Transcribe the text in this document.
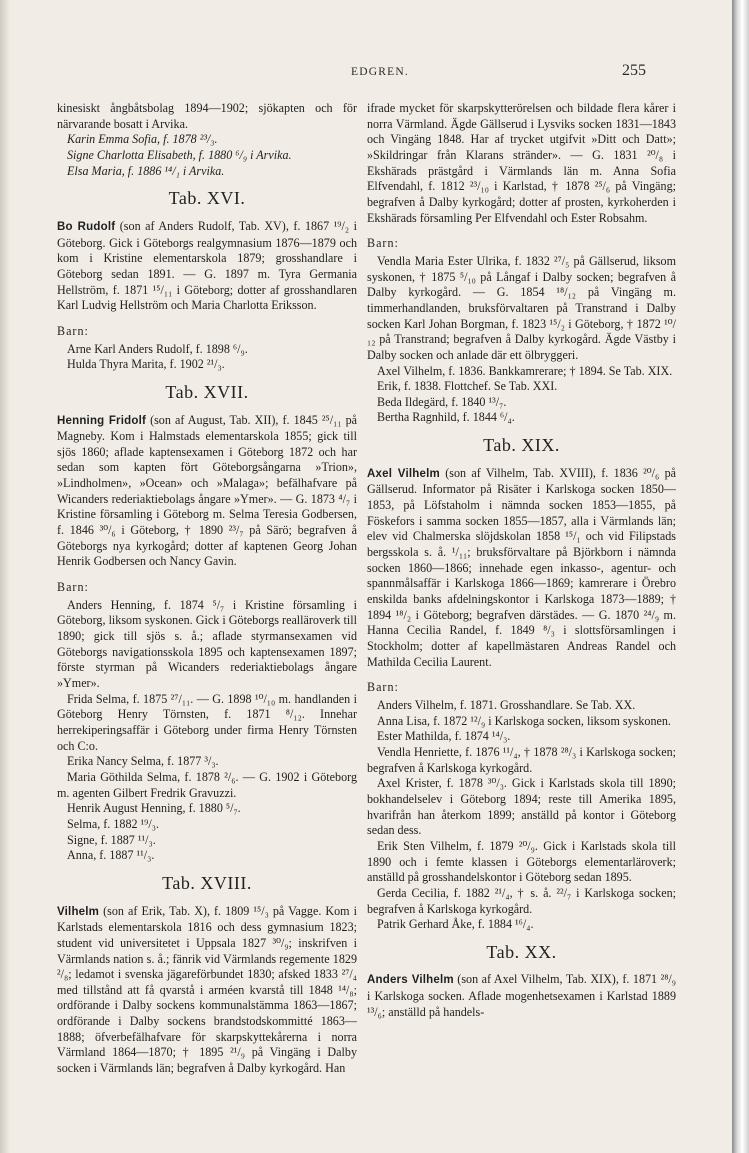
EDGREN.	255

kinesiskt ångbåtsbolag 1894—1902; sjökapten och för närvarande bosatt i Arvika.

Karin Emma Sofia, f. 1878 ²³/₃.

Signe Charlotta Elisabeth, f. 1880 ⁶/₉ i Arvika.

Elsa Maria, f. 1886 ¹⁴/₁ i Arvika.

Tab. XVI.

Bo Rudolf (son af Anders Rudolf, Tab. XV), f. 1867 ¹⁹/₂ i Göteborg. Gick i Göteborgs realgymnasium 1876—1879 och kom i Kristine elementarskola 1879; grosshandlare i Göteborg sedan 1891. — G. 1897 m. Tyra Germania Hellström, f. 1871 ¹⁵/₁₁ i Göteborg; dotter af grosshandlaren Karl Ludvig Hellström och Maria Charlotta Eriksson.

Barn:

Arne Karl Anders Rudolf, f. 1898 ⁶/₉.

Hulda Thyra Marita, f. 1902 ²¹/₃.

Tab. XVII.

Henning Fridolf (son af August, Tab. XII), f. 1845 ²⁵/₁₁ på Magneby. Kom i Halmstads elementarskola 1855; gick till sjös 1860; aflade kaptensexamen i Göteborg 1872 och har sedan som kapten fört Göteborgsångarna »Trion», »Lindholmen», »Ocean» och »Malaga»; befälhafvare på Wicanders rederiaktiebolags ångare »Ymer». — G. 1873 ⁴/₇ i Kristine församling i Göteborg m. Selma Teresia Godbersen, f. 1846 ³⁰/₆ i Göteborg, † 1890 ²³/₇ på Särö; begrafven å Göteborgs nya kyrkogård; dotter af kaptenen Georg Johan Henrik Godbersen och Nancy Gavin.

Barn:

Anders Henning, f. 1874 ⁵/₇ i Kristine församling i Göteborg, liksom syskonen. Gick i Göteborgs realläroverk till 1890; gick till sjös s. å.; aflade styrmansexamen vid Göteborgs navigationsskola 1895 och kaptensexamen 1897; förste styrman på Wicanders rederiaktiebolags ångare »Ymer».

Frida Selma, f. 1875 ²⁷/₁₁. — G. 1898 ¹⁰/₁₀ m. handlanden i Göteborg Henry Törnsten, f. 1871 ⁸/₁₂. Innehar herrekiperingsaffär i Göteborg under firma Henry Törnsten och C:o.

Erika Nancy Selma, f. 1877 ³/₃.

Maria Göthilda Selma, f. 1878 ²/₆. — G. 1902 i Göteborg m. agenten Gilbert Fredrik Gravuzzi.

Henrik August Henning, f. 1880 ⁵/₇.

Selma, f. 1882 ¹⁹/₃.

Signe, f. 1887 ¹¹/₃.

Anna, f. 1887 ¹¹/₃.

Tab. XVIII.

Vilhelm (son af Erik, Tab. X), f. 1809 ¹⁵/₃ på Vagge. Kom i Karlstads elementarskola 1816 och dess gymnasium 1823; student vid universitetet i Uppsala 1827 ³⁰/₉; inskrifven i Värmlands nation s. å.; fänrik vid Värmlands regemente 1829 ²/₈; ledamot i svenska jägareförbundet 1830; afsked 1833 ²⁷/₄ med tillstånd att få qvarstå i arméen kvarstå till 1848 ¹⁴/₈; ordförande i Dalby sockens kommunalstämma 1863—1867; ordförande i Dalby sockens brandstodskommitté 1863—1888; öfverbefälhafvare för skarpskyttekårerna i norra Värmland 1864—1870; † 1895 ²¹/₉ på Vingäng i Dalby socken i Värmlands län; begrafven å Dalby kyrkogård. Han

ifrade mycket för skarpskytterörelsen och bildade flera kårer i norra Värmland. Ägde Gällserud i Lysviks socken 1831—1843 och Vingäng 1848. Har af trycket utgifvit »Ditt och Datt»; »Skildringar från Klarans stränder». — G. 1831 ²⁰/₈ i Ekshärads prästgård i Värmlands län m. Anna Sofia Elfvendahl, f. 1812 ²³/₁₀ i Karlstad, † 1878 ²⁵/₆ på Vingäng; begrafven å Dalby kyrkogård; dotter af prosten, kyrkoherden i Ekshärads församling Per Elfvendahl och Ester Robsahm.

Barn:

Vendla Maria Ester Ulrika, f. 1832 ²⁷/₅ på Gällserud, liksom syskonen, † 1875 ⁵/₁₀ på Långaf i Dalby socken; begrafven å Dalby kyrkogård. — G. 1854 ¹⁸/₁₂ på Vingäng m. timmerhandlanden, bruksförvaltaren på Transtrand i Dalby socken Karl Johan Borgman, f. 1823 ¹⁵/₂ i Göteborg, † 1872 ¹⁰/₁₂ på Transtrand; begrafven å Dalby kyrkogård. Ägde Västby i Dalby socken och anlade där ett ölbryggeri.

Axel Vilhelm, f. 1836. Bankkamrerare; † 1894. Se Tab. XIX.

Erik, f. 1838. Flottchef. Se Tab. XXI.

Beda Ildegärd, f. 1840 ¹³/₇.

Bertha Ragnhild, f. 1844 ⁶/₄.

Tab. XIX.

Axel Vilhelm (son af Vilhelm, Tab. XVIII), f. 1836 ²⁰/₆ på Gällserud. Informator på Risäter i Karlskoga socken 1850—1853, på Löfstaholm i nämnda socken 1853—1855, på Föskefors i samma socken 1855—1857, alla i Värmlands län; elev vid Chalmerska slöjdskolan 1858 ¹⁵/₁ och vid Filipstads bergsskola s. å. ¹/₁₁; bruksförvaltare på Björkborn i nämnda socken 1860—1866; innehade egen inkasso-, agentur- och spannmålsaffär i Karlskoga 1866—1869; kamrerare i Örebro enskilda banks afdelningskontor i Karlskoga 1873—1889; † 1894 ¹⁸/₂ i Göteborg; begrafven därstädes. — G. 1870 ²⁴/₉ m. Hanna Cecilia Randel, f. 1849 ⁸/₃ i slottsförsamlingen i Stockholm; dotter af kapellmästaren Andreas Randel och Mathilda Cecilia Laurent.

Barn:

Anders Vilhelm, f. 1871. Grosshandlare. Se Tab. XX.

Anna Lisa, f. 1872 ¹²/₉ i Karlskoga socken, liksom syskonen.

Ester Mathilda, f. 1874 ¹⁴/₃.

Vendla Henriette, f. 1876 ¹¹/₄, † 1878 ²⁸/₃ i Karlskoga socken; begrafven å Karlskoga kyrkogård.

Axel Krister, f. 1878 ³⁰/₃. Gick i Karlstads skola till 1890; bokhandelselev i Göteborg 1894; reste till Amerika 1895, hvarifrån han återkom 1899; anställd på kontor i Göteborg sedan dess.

Erik Sten Vilhelm, f. 1879 ²⁰/₉. Gick i Karlstads skola till 1890 och i femte klassen i Göteborgs elementarläroverk; anställd på grosshandelskontor i Göteborg sedan 1895.

Gerda Cecilia, f. 1882 ²¹/₄, † s. å. ²²/₇ i Karlskoga socken; begrafven å Karlskoga kyrkogård.

Patrik Gerhard Åke, f. 1884 ¹⁶/₄.

Tab. XX.

Anders Vilhelm (son af Axel Vilhelm, Tab. XIX), f. 1871 ²⁸/₉ i Karlskoga socken. Aflade mogenhetsexamen i Karlstad 1889 ¹³/₆; anställd på handels-
